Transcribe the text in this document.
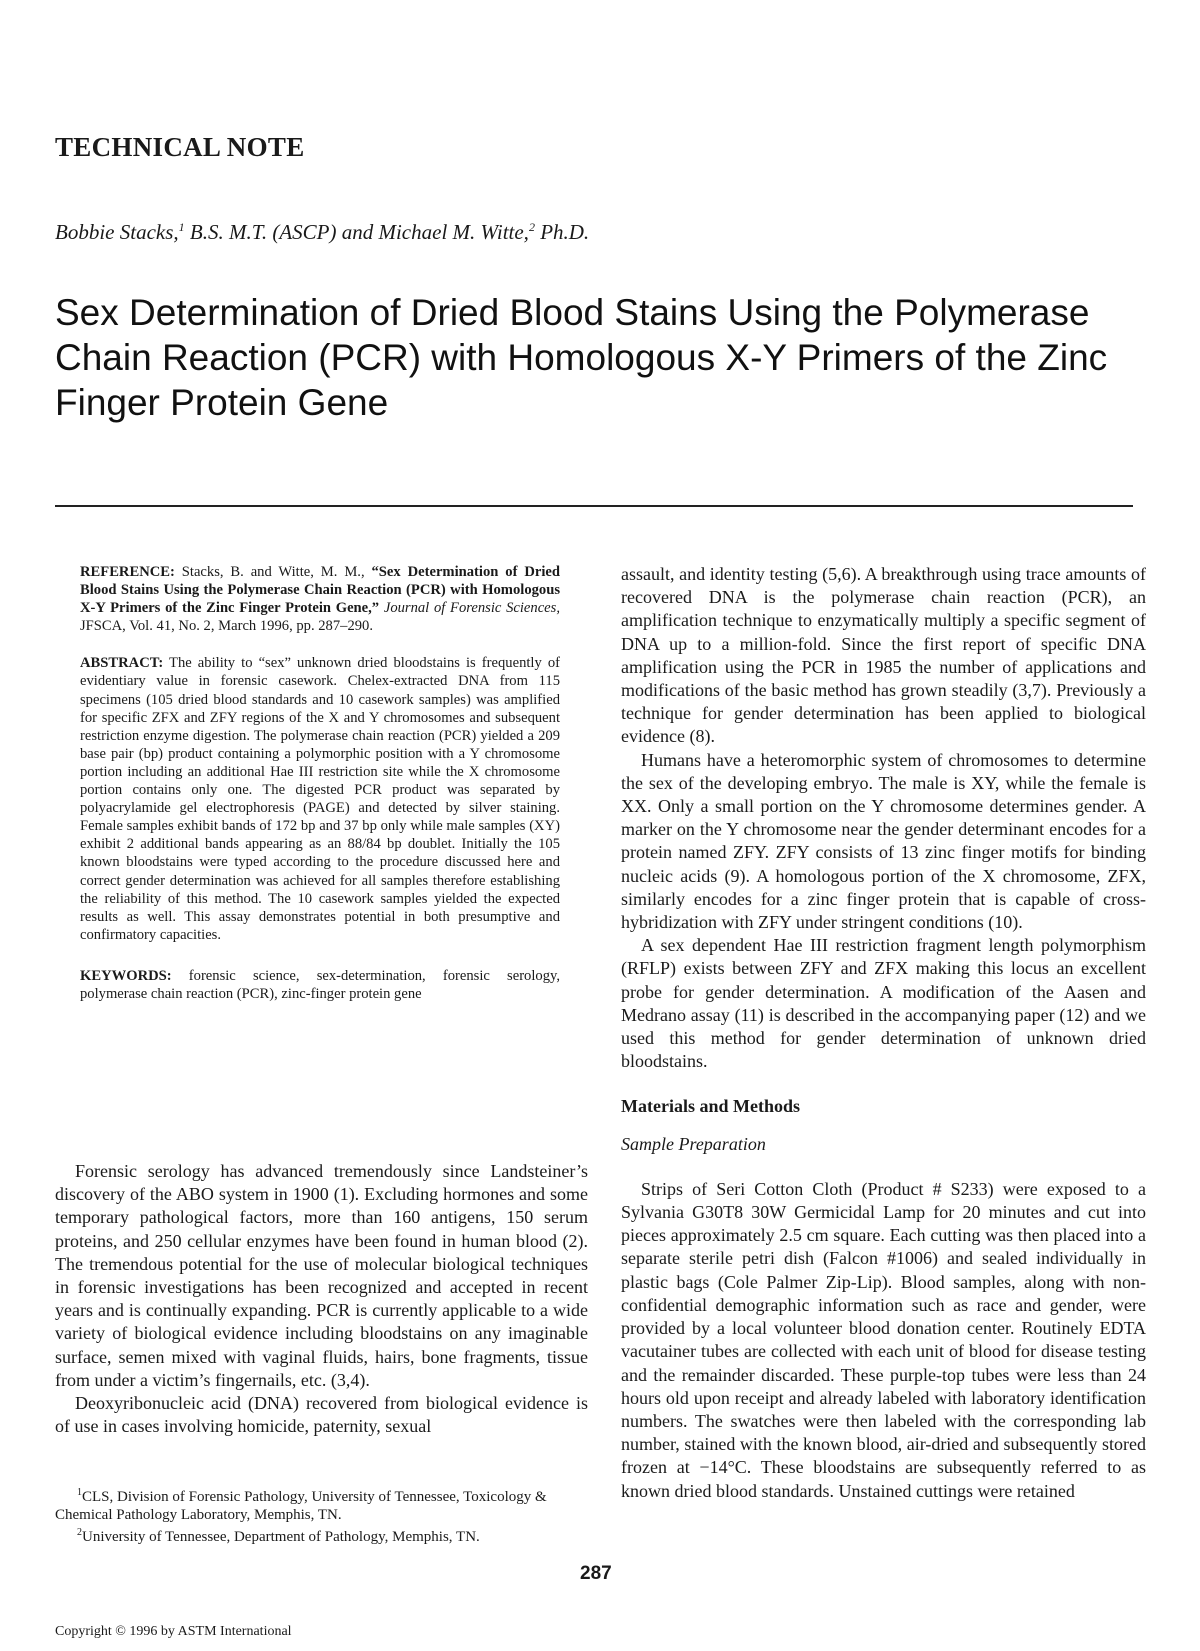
TECHNICAL NOTE
Bobbie Stacks,$^1$ B.S. M.T. (ASCP) and Michael M. Witte,$^2$ Ph.D.
Sex Determination of Dried Blood Stains Using the Polymerase Chain Reaction (PCR) with Homologous X-Y Primers of the Zinc Finger Protein Gene

REFERENCE: Stacks, B. and Witte, M. M., “Sex Determination of Dried Blood Stains Using the Polymerase Chain Reaction (PCR) with Homologous X-Y Primers of the Zinc Finger Protein Gene,” Journal of Forensic Sciences, JFSCA, Vol. 41, No. 2, March 1996, pp. 287–290.

ABSTRACT: The ability to “sex” unknown dried bloodstains is frequently of evidentiary value in forensic casework. Chelex-extracted DNA from 115 specimens (105 dried blood standards and 10 casework samples) was amplified for specific ZFX and ZFY regions of the X and Y chromosomes and subsequent restriction enzyme digestion. The polymerase chain reaction (PCR) yielded a 209 base pair (bp) product containing a polymorphic position with a Y chromosome portion including an additional Hae III restriction site while the X chromosome portion contains only one. The digested PCR product was separated by polyacrylamide gel electrophoresis (PAGE) and detected by silver staining. Female samples exhibit bands of 172 bp and 37 bp only while male samples (XY) exhibit 2 additional bands appearing as an 88/84 bp doublet. Initially the 105 known bloodstains were typed according to the procedure discussed here and correct gender determination was achieved for all samples therefore establishing the reliability of this method. The 10 casework samples yielded the expected results as well. This assay demonstrates potential in both presumptive and confirmatory capacities.

KEYWORDS: forensic science, sex-determination, forensic serology, polymerase chain reaction (PCR), zinc-finger protein gene

Forensic serology has advanced tremendously since Landsteiner’s discovery of the ABO system in 1900 (1). Excluding hormones and some temporary pathological factors, more than 160 antigens, 150 serum proteins, and 250 cellular enzymes have been found in human blood (2). The tremendous potential for the use of molecular biological techniques in forensic investigations has been recognized and accepted in recent years and is continually expanding. PCR is currently applicable to a wide variety of biological evidence including bloodstains on any imaginable surface, semen mixed with vaginal fluids, hairs, bone fragments, tissue from under a victim’s fingernails, etc. (3,4).

Deoxyribonucleic acid (DNA) recovered from biological evidence is of use in cases involving homicide, paternity, sexual

assault, and identity testing (5,6). A breakthrough using trace amounts of recovered DNA is the polymerase chain reaction (PCR), an amplification technique to enzymatically multiply a specific segment of DNA up to a million-fold. Since the first report of specific DNA amplification using the PCR in 1985 the number of applications and modifications of the basic method has grown steadily (3,7). Previously a technique for gender determination has been applied to biological evidence (8).

Humans have a heteromorphic system of chromosomes to determine the sex of the developing embryo. The male is XY, while the female is XX. Only a small portion on the Y chromosome determines gender. A marker on the Y chromosome near the gender determinant encodes for a protein named ZFY. ZFY consists of 13 zinc finger motifs for binding nucleic acids (9). A homologous portion of the X chromosome, ZFX, similarly encodes for a zinc finger protein that is capable of cross-hybridization with ZFY under stringent conditions (10).

A sex dependent Hae III restriction fragment length polymorphism (RFLP) exists between ZFY and ZFX making this locus an excellent probe for gender determination. A modification of the Aasen and Medrano assay (11) is described in the accompanying paper (12) and we used this method for gender determination of unknown dried bloodstains.

Materials and Methods
Sample Preparation

Strips of Seri Cotton Cloth (Product # S233) were exposed to a Sylvania G30T8 30W Germicidal Lamp for 20 minutes and cut into pieces approximately 2.5 cm square. Each cutting was then placed into a separate sterile petri dish (Falcon #1006) and sealed individually in plastic bags (Cole Palmer Zip-Lip). Blood samples, along with non-confidential demographic information such as race and gender, were provided by a local volunteer blood donation center. Routinely EDTA vacutainer tubes are collected with each unit of blood for disease testing and the remainder discarded. These purple-top tubes were less than 24 hours old upon receipt and already labeled with laboratory identification numbers. The swatches were then labeled with the corresponding lab number, stained with the known blood, air-dried and subsequently stored frozen at −14°C. These bloodstains are subsequently referred to as known dried blood standards. Unstained cuttings were retained

$^1$CLS, Division of Forensic Pathology, University of Tennessee, Toxicology & Chemical Pathology Laboratory, Memphis, TN.

$^2$University of Tennessee, Department of Pathology, Memphis, TN.

287
Copyright © 1996 by ASTM International
